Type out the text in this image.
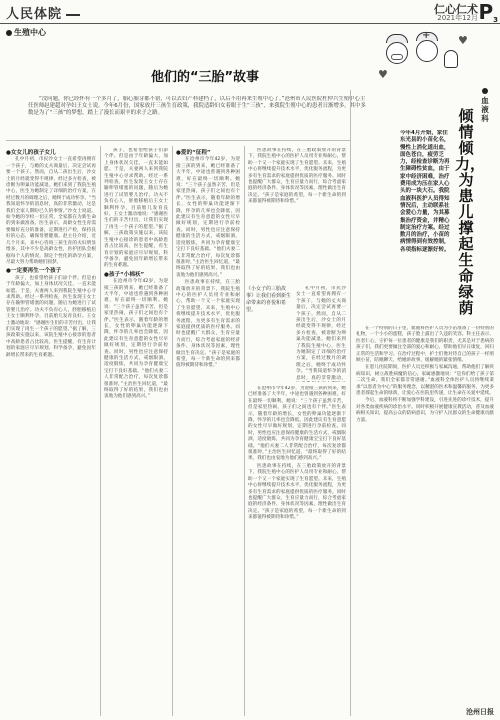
人民体院	仁心仁术
2021年12月 $P_3$
生殖中心
他们的“三胎”故事
“没问题，你已经怀有一个多月了，胎心胎芽都不错，可以去妇产科建档了，以后不用再来生殖中心了。”沧州市人民医院杜仲兴生殖中心主任医师赵建超对孕妇王女士说。今年6月份，国家放开三孩生育政策，我院适龄妇女着眼于生“三孩”，来我院生殖中心的患者日渐增多。其中多数是为了“三孩”的梦想，踏上了漫长而艰辛的求子之路。
+
♥
♥
血液科
倾情倾力，为患儿撑起生命绿荫
今年4月开始，家住东光县的小苗化名，慢性上消化道出血，面色苍白，疲劳乏力，经检查诊断为再生障碍性贫血，由于家中经济困难，治疗费用成为压在家人心头的一块大石。我院血液科医护人员得知情况后，主动联系社会爱心力量，为其募集治疗资金，并精心制定治疗方案。经过数月的治疗，小苗的病情得到有效控制，各项指标逐渐好转。

●女女儿的孩子女儿

孔中月初，市民沙女士一直希望再拥有一个孩子，与她的丈夫商量后，决定尝试再要一个孩子。然而，自从二孩出生后，沙女士的月经就变得不规律，经过多方检查，被诊断为卵巢功能减退。她们来到了我院生殖中心，医生为她制定了详细的治疗方案，在经过数月的调理之后，她终于成功怀孕。“当我知道怀孕的消息时，真的非常激动，这是我们全家人期盼已久的事情。”沙女士说道。如今她的孕检一切正常，全家都在为新生命的到来做准备。医生表示，高龄女性生育需要做好充分的准备，定期进行产检，保持良好的心态，确保母婴健康。赵主任介绍，近几个月来，来中心咨询三孩生育的夫妇明显增多，其中不少是高龄女性，医护团队会根据每个人的情况，制定个性化的助孕方案，尽最大努力帮助她们圆梦。

●一定要再生一个孩子

孩子，也希望给孩子们添个伴。但是由于年龄偏大，加上身体状况欠佳，一直未能如愿。于是，夫妻两人来到我院生殖中心寻求帮助。经过一系列检查，医生发现王女士存在输卵管堵塞的问题，随后为她进行了试管婴儿治疗。功夫不负有心人，胚胎移植后王女士顺利怀孕，目前胎儿发育良好。王女士激动地说：“感谢医生们的辛苦付出，让我们实现了再生一个孩子的愿望。”据了解，三孩政策实施以来，该院生殖中心接诊的患者中高龄患者占比较高，医生提醒，有生育计划的家庭应尽早规划，科学备孕，避免因年龄增长带来的生育难题。

孩子，也希望给孩子们添个伴。但是由于年龄偏大，加上身体状况欠佳，一直未能如愿。于是，夫妻两人来到我院生殖中心寻求帮助。经过一系列检查，医生发现王女士存在输卵管堵塞的问题，随后为她进行了试管婴儿治疗。功夫不负有心人，胚胎移植后王女士顺利怀孕，目前胎儿发育良好。王女士激动地说：“感谢医生们的辛苦付出，让我们实现了再生一个孩子的愿望。”据了解，三孩政策实施以来，该院生殖中心接诊的患者中高龄患者占比较高，医生提醒，有生育计划的家庭应尽早规划，科学备孕，避免因年龄增长带来的生育难题。

●孩子“小棉袄”

在沧州市今年42岁，为迎接三孩的到来，她已经准备了大半年，中途也曾遇到各种困难，好在最终一切顺利。她说：“三个孩子虽然辛苦，但是家里热闹，孩子们之间也有个伴。”医生表示，随着年龄的增长，女性的卵巢功能逐渐下降，怀孕的几率也会降低，因此建议有生育意愿的女性尽早做好规划，定期进行孕前检查。同时，男性也应注意保持健康的生活方式，戒烟限酒，适度锻炼，共同为孕育健康宝宝打下良好基础。“他们夫妻二人非常配合治疗，每次复诊都很准时，”主治医生回忆道，“最终取得了好的结果，我们也由衷地为他们感到高兴。”

●爱的“征程”

在沧州市今年42岁，为迎接三孩的到来，她已经准备了大半年，中途也曾遇到各种困难，好在最终一切顺利。她说：“三个孩子虽然辛苦，但是家里热闹，孩子们之间也有个伴。”医生表示，随着年龄的增长，女性的卵巢功能逐渐下降，怀孕的几率也会降低，因此建议有生育意愿的女性尽早做好规划，定期进行孕前检查。同时，男性也应注意保持健康的生活方式，戒烟限酒，适度锻炼，共同为孕育健康宝宝打下良好基础。“他们夫妻二人非常配合治疗，每次复诊都很准时，”主治医生回忆道，“最终取得了好的结果，我们也由衷地为他们感到高兴。”

医患故事在持续，在三胎政策放开的背景下，我院生殖中心的医护人员用专业和耐心，帮助一个又一个家庭实现了生育愿望。未来，生殖中心将继续提升技术水平，优化服务流程，为更多有生育需求的家庭提供优质的医疗服务。同时也提醒广大群众，生育应量力而行，综合考虑家庭的经济条件、身体状况等因素，理性做出生育决定。“孩子是家庭的希望，每一个新生命的到来都值得被期待和珍惜。”

医患故事在持续，在三胎政策放开的背景下，我院生殖中心的医护人员用专业和耐心，帮助一个又一个家庭实现了生育愿望。未来，生殖中心将继续提升技术水平，优化服务流程，为更多有生育需求的家庭提供优质的医疗服务。同时也提醒广大群众，生育应量力而行，综合考虑家庭的经济条件、身体状况等因素，理性做出生育决定。“孩子是家庭的希望，每一个新生命的到来都值得被期待和珍惜。”

《小女子的三胎故事》让我们看到新生命带来的喜悦和希望。

孔中月初，市民沙女士一直希望再拥有一个孩子，与她的丈夫商量后，决定尝试再要一个孩子。然而，自从二孩出生后，沙女士的月经就变得不规律，经过多方检查，被诊断为卵巢功能减退。她们来到了我院生殖中心，医生为她制定了详细的治疗方案，在经过数月的调理之后，她终于成功怀孕。“当我知道怀孕的消息时，真的非常激动，

在沧州市今年42岁，为迎接三孩的到来，她已经准备了大半年，中途也曾遇到各种困难，好在最终一切顺利。她说：“三个孩子虽然辛苦，但是家里热闹，孩子们之间也有个伴。”医生表示，随着年龄的增长，女性的卵巢功能逐渐下降，怀孕的几率也会降低，因此建议有生育意愿的女性尽早做好规划，定期进行孕前检查。同时，男性也应注意保持健康的生活方式，戒烟限酒，适度锻炼，共同为孕育健康宝宝打下良好基础。“他们夫妻二人非常配合治疗，每次复诊都很准时，”主治医生回忆道，“最终取得了好的结果，我们也由衷地为他们感到高兴。”

医患故事在持续，在三胎政策放开的背景下，我院生殖中心的医护人员用专业和耐心，帮助一个又一个家庭实现了生育愿望。未来，生殖中心将继续提升技术水平，优化服务流程，为更多有生育需求的家庭提供优质的医疗服务。同时也提醒广大群众，生育应量力而行，综合考虑家庭的经济条件、身体状况等因素，理性做出生育决定。“孩子是家庭的希望，每一个新生命的到来都值得被期待和珍惜。”

在一个特别的日子里，血液科医护人员为小苗准备了一份特别的礼物，一个小小的蛋糕，孩子脸上露出了久违的笑容。科主任表示，医者仁心，守护每一位患者的健康是我们的职责，尤其是对于患病的孩子们，我们更要倾注全部的爱心和耐心，帮助他们早日康复，回归正常的生活和学习。在治疗过程中，护士们像对待自己的孩子一样照顾小苗，陪她聊天、给她讲故事，缓解她的紧张情绪。

在患儿住院期间，医护人员还积极与家属沟通，帮助他们了解疾病知识，树立战胜病魔的信心。家属感激地说：“是你们给了孩子第二次生命，我们全家都非常感谢。”血液科全体医护人员将继续秉承“以患者为中心”的服务理念，以精湛的医术和温馨的服务，为更多患者撑起生命的绿荫，让爱心在医院里传递，让生命在关爱中延续。

今后，血液科将不断加强学科建设，引进先进的诊疗技术，提升对各类血液疾病的诊治水平。同时积极开展健康宣教活动，普及血液病相关知识，提高公众的防病意识，为守护人民群众的生命健康贡献力量。

沧州日报
